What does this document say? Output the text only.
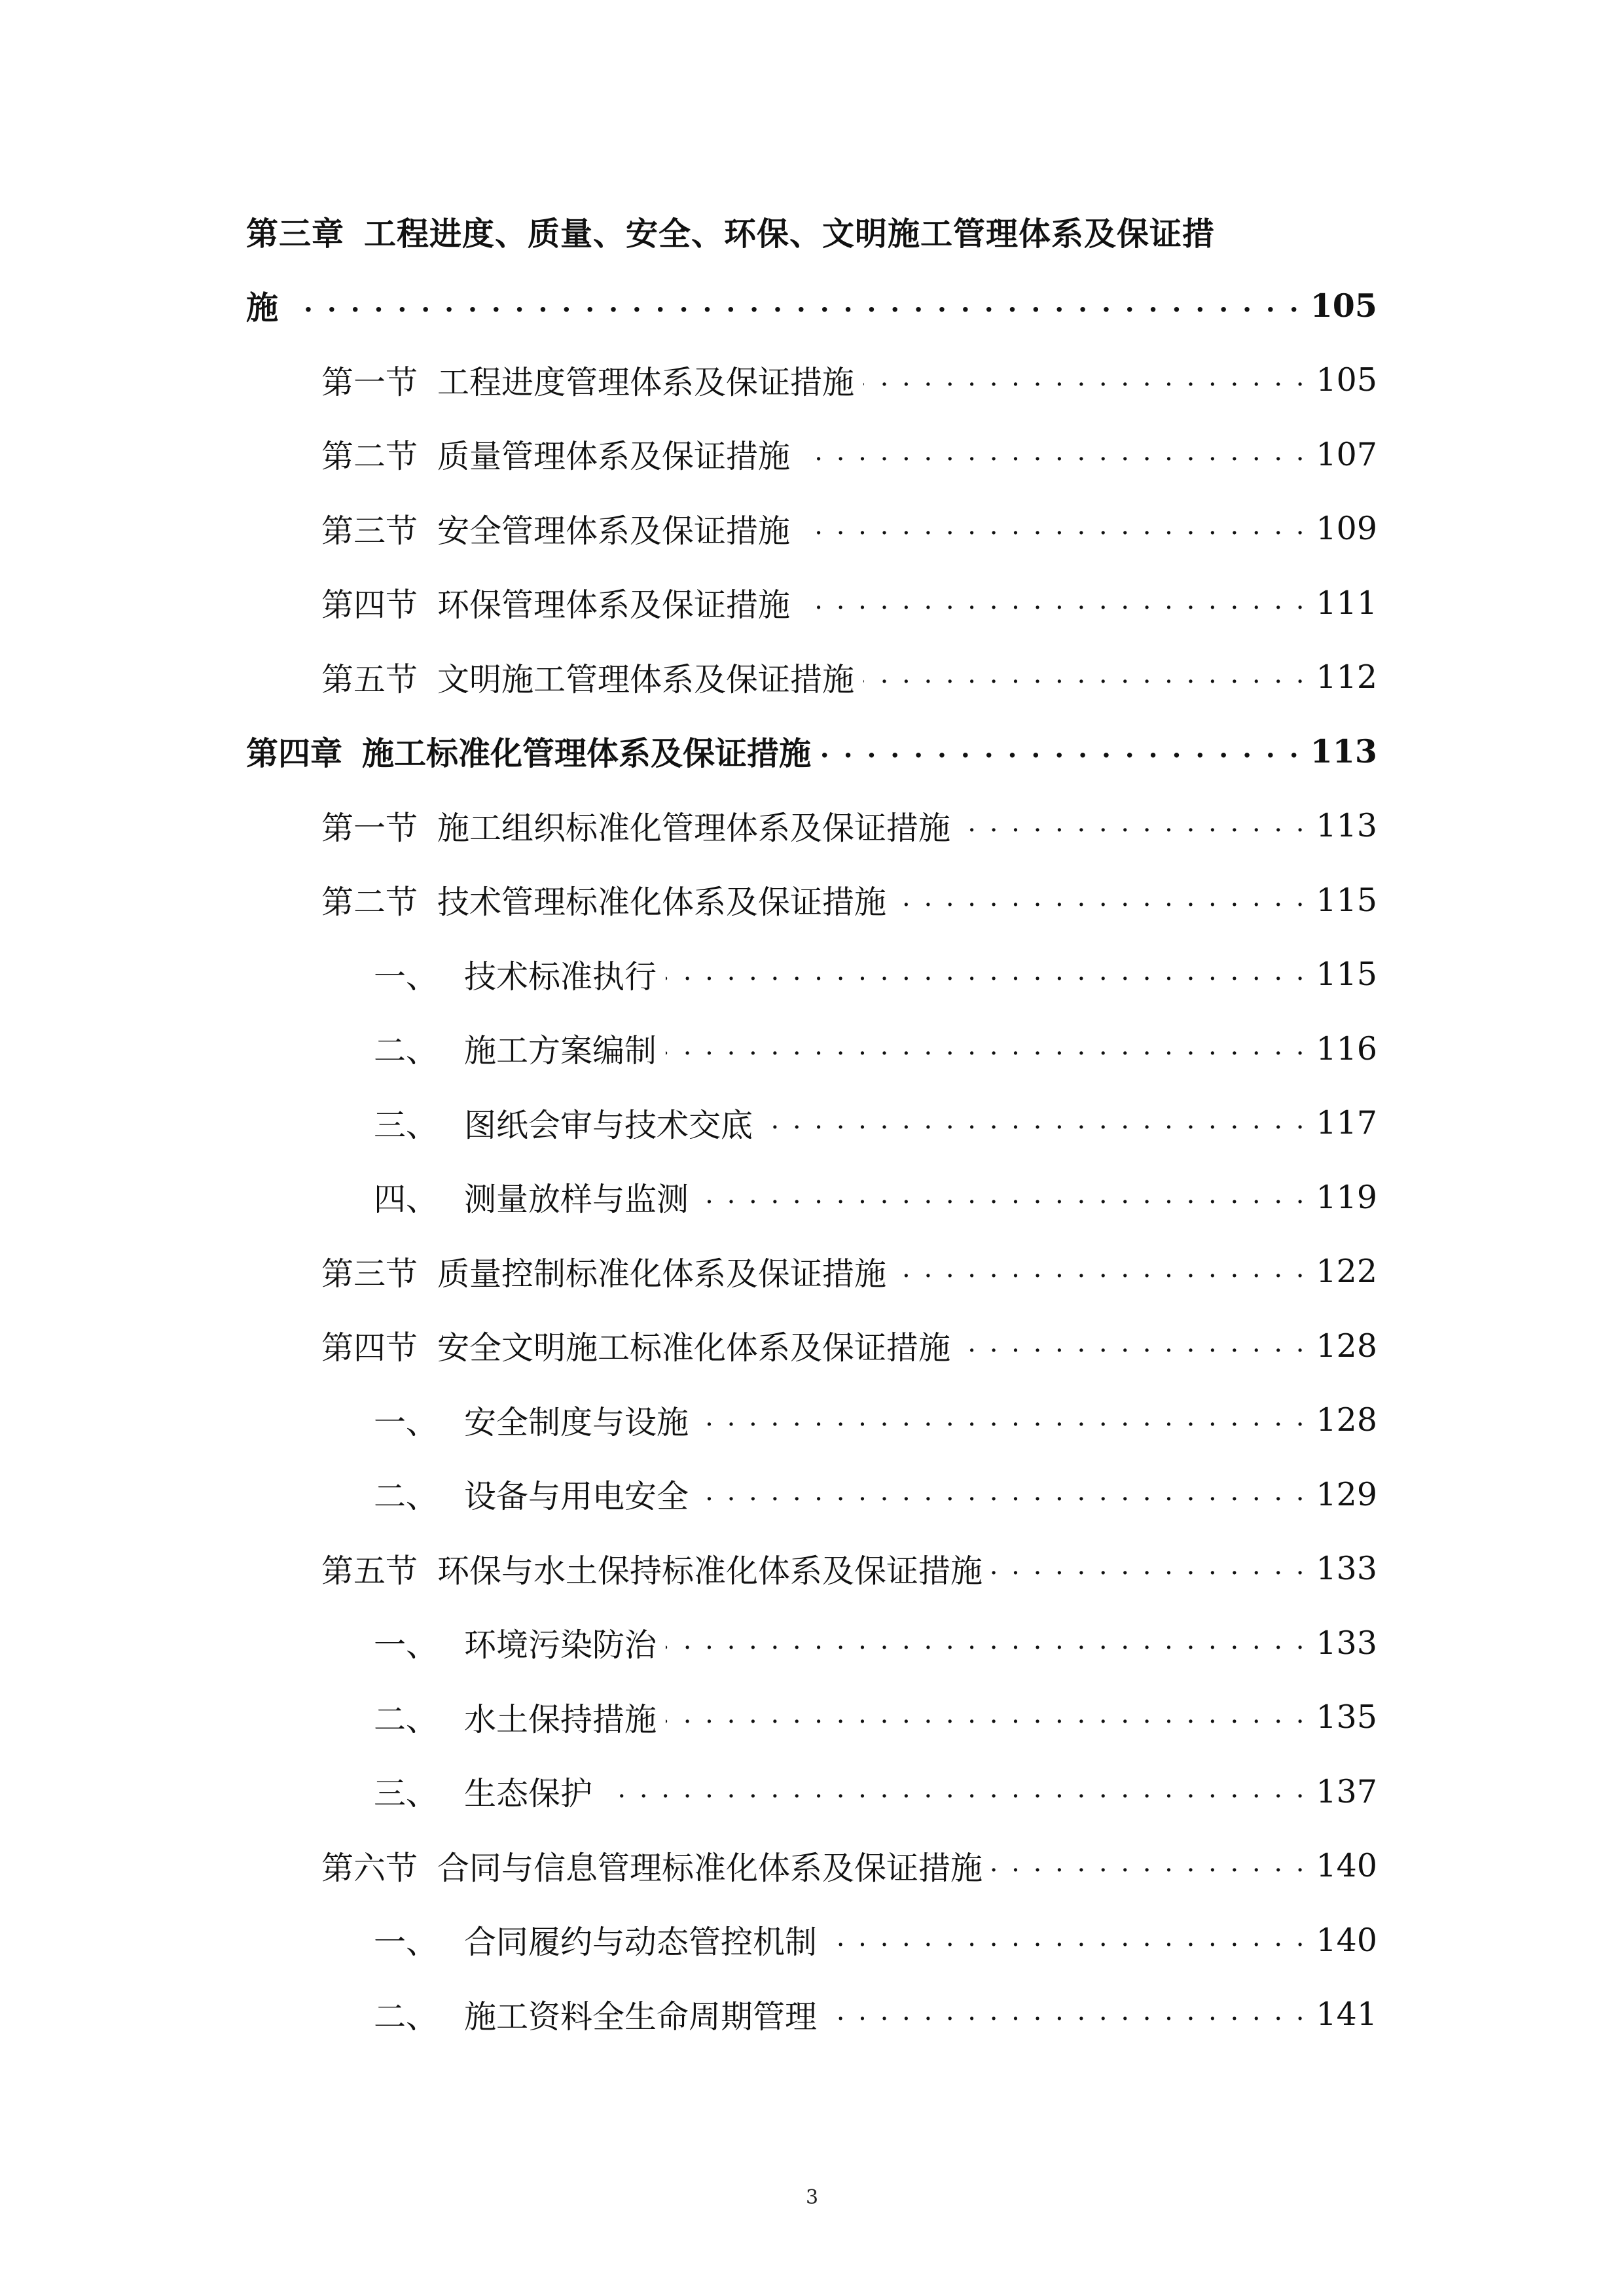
第三章 工程进度、质量、安全、环保、文明施工管理体系及保证措
施 . . .	105
第一节 工程进度管理体系及保证措施 . . .	105
第二节 质量管理体系及保证措施 . . .	107
第三节 安全管理体系及保证措施 . . .	109
第四节 环保管理体系及保证措施 . . .	111
第五节 文明施工管理体系及保证措施 . . .	112
第四章 施工标准化管理体系及保证措施 . . .	113
第一节 施工组织标准化管理体系及保证措施 . . .	113
第二节 技术管理标准化体系及保证措施 . . .	115
一、 技术标准执行 . . .	115
二、 施工方案编制 . . .	116
三、 图纸会审与技术交底 . . .	117
四、 测量放样与监测 . . .	119
第三节 质量控制标准化体系及保证措施 . . .	122
第四节 安全文明施工标准化体系及保证措施 . . .	128
一、 安全制度与设施 . . .	128
二、 设备与用电安全 . . .	129
第五节 环保与水土保持标准化体系及保证措施 . . .	133
一、 环境污染防治 . . .	133
二、 水土保持措施 . . .	135
三、 生态保护 . . .	137
第六节 合同与信息管理标准化体系及保证措施 . . .	140
一、 合同履约与动态管控机制 . . .	140
二、 施工资料全生命周期管理 . . .	141
3
